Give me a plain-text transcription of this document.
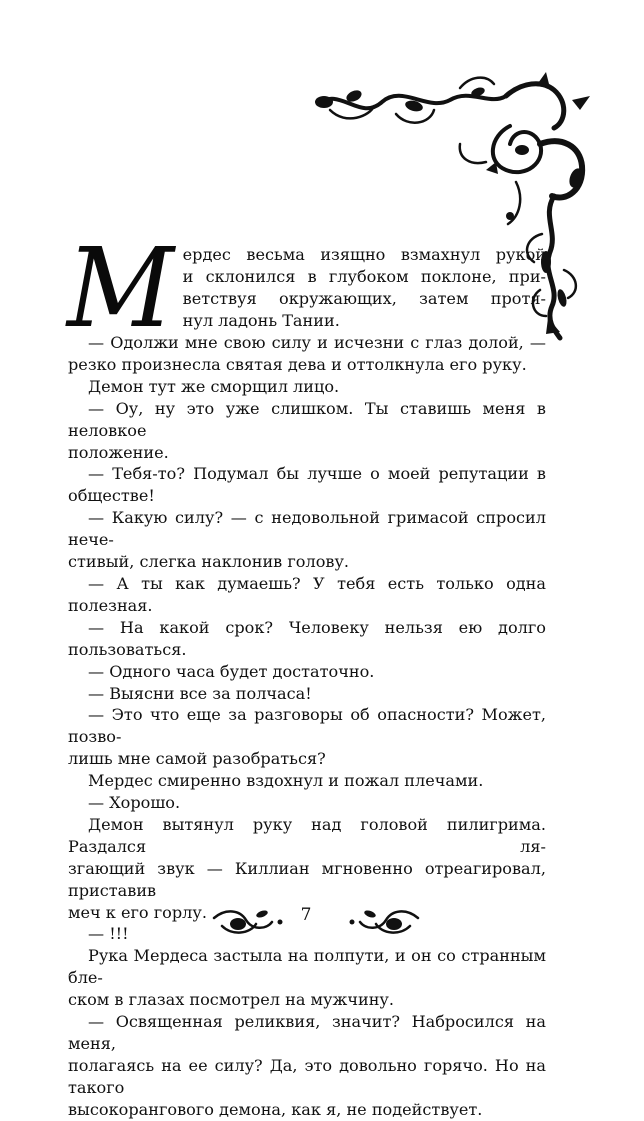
М ердес весьма изящно взмахнул рукой
и склонился в глубоком поклоне, при-
ветствуя окружающих, затем протя-
нул ладонь Тании.
— Одолжи мне свою силу и исчезни с глаз долой, —
резко произнесла святая дева и оттолкнула его руку.
Демон тут же сморщил лицо.
— Оу, ну это уже слишком. Ты ставишь меня в неловкое
положение.
— Тебя-то? Подумал бы лучше о моей репутации в обществе!
— Какую силу? — с недовольной гримасой спросил нече-
стивый, слегка наклонив голову.
— А ты как думаешь? У тебя есть только одна полезная.
— На какой срок? Человеку нельзя ею долго пользоваться.
— Одного часа будет достаточно.
— Выясни все за полчаса!
— Это что еще за разговоры об опасности? Может, позво-
лишь мне самой разобраться?
Мердес смиренно вздохнул и пожал плечами.
— Хорошо.
Демон вытянул руку над головой пилигрима. Раздался ля-
згающий звук — Киллиан мгновенно отреагировал, приставив
меч к его горлу.
— !!!
Рука Мердеса застыла на полпути, и он со странным бле-
ском в глазах посмотрел на мужчину.
— Освященная реликвия, значит? Набросился на меня,
полагаясь на ее силу? Да, это довольно горячо. Но на такого
высокорангового демона, как я, не подействует.
7
